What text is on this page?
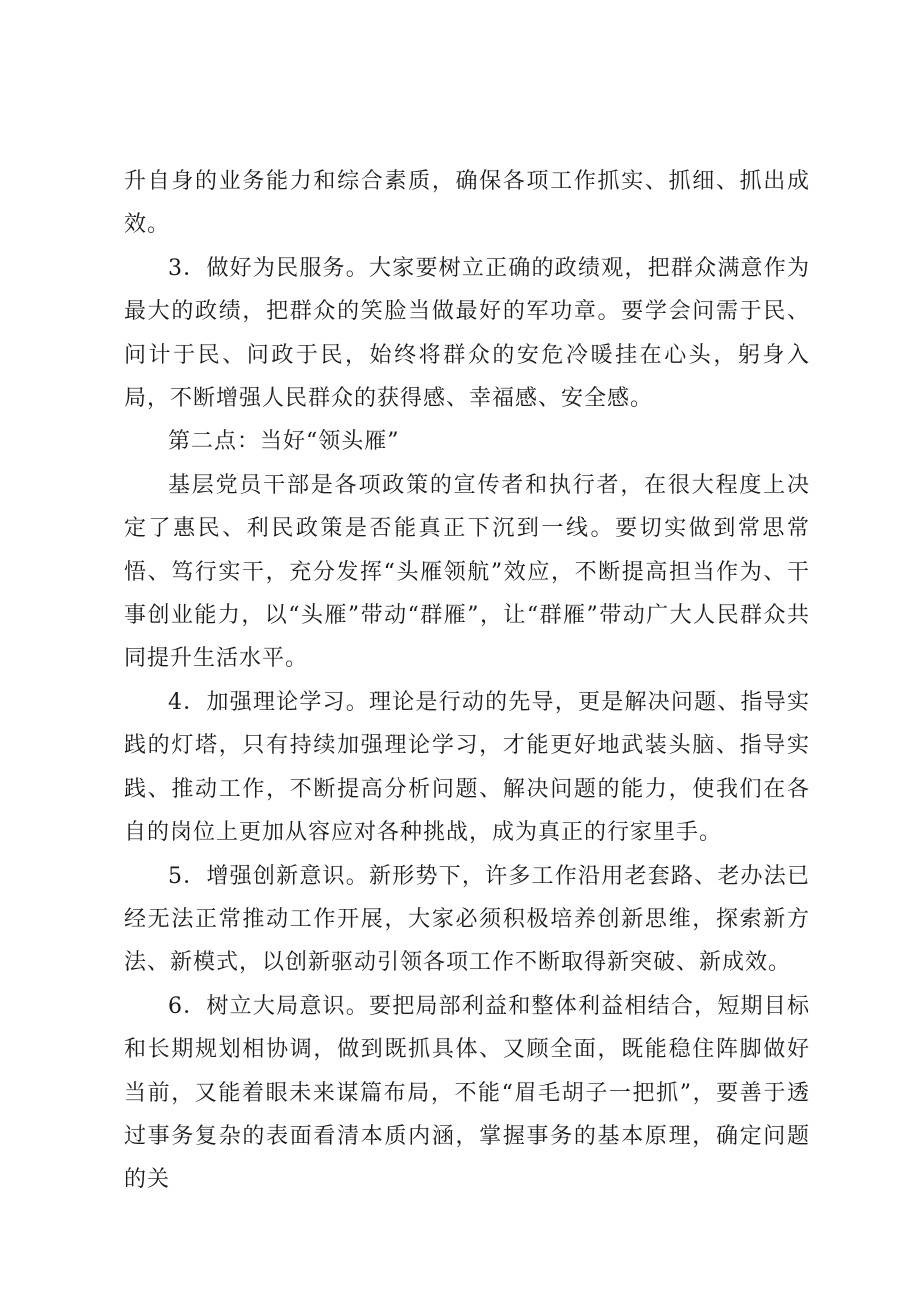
升自身的业务能力和综合素质，确保各项工作抓实、抓细、抓出成效。

3．做好为民服务。大家要树立正确的政绩观，把群众满意作为最大的政绩，把群众的笑脸当做最好的军功章。要学会问需于民、问计于民、问政于民，始终将群众的安危冷暖挂在心头，躬身入局，不断增强人民群众的获得感、幸福感、安全感。

第二点：当好“领头雁”

基层党员干部是各项政策的宣传者和执行者，在很大程度上决定了惠民、利民政策是否能真正下沉到一线。要切实做到常思常悟、笃行实干，充分发挥“头雁领航”效应，不断提高担当作为、干事创业能力，以“头雁”带动“群雁”，让“群雁”带动广大人民群众共同提升生活水平。

4．加强理论学习。理论是行动的先导，更是解决问题、指导实践的灯塔，只有持续加强理论学习，才能更好地武装头脑、指导实践、推动工作，不断提高分析问题、解决问题的能力，使我们在各自的岗位上更加从容应对各种挑战，成为真正的行家里手。

5．增强创新意识。新形势下，许多工作沿用老套路、老办法已经无法正常推动工作开展，大家必须积极培养创新思维，探索新方法、新模式，以创新驱动引领各项工作不断取得新突破、新成效。

6．树立大局意识。要把局部利益和整体利益相结合，短期目标和长期规划相协调，做到既抓具体、又顾全面，既能稳住阵脚做好当前，又能着眼未来谋篇布局，不能“眉毛胡子一把抓”，要善于透过事务复杂的表面看清本质内涵，掌握事务的基本原理，确定问题的关
